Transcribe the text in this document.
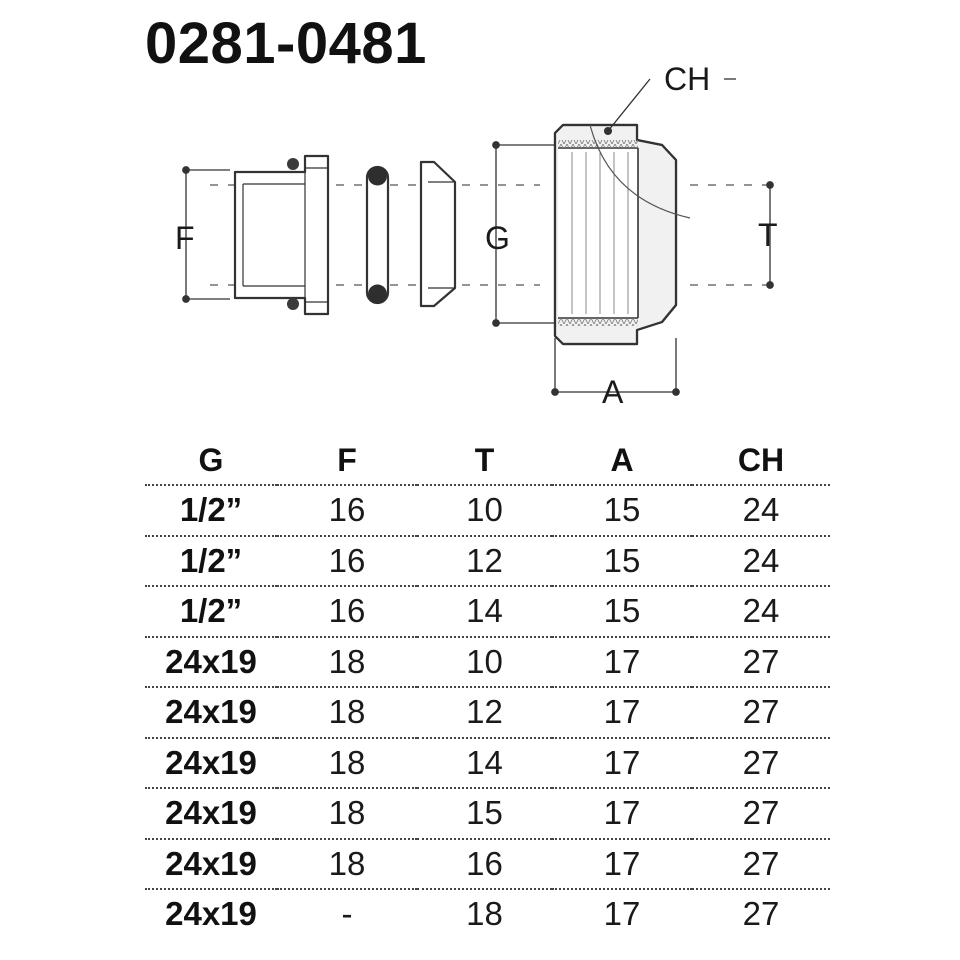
0281-0481
F	G
CH
T
A
G	F	T	A	CH
1/2”	16	10	15	24
1/2”	16	12	15	24
1/2”	16	14	15	24
24x19	18	10	17	27
24x19	18	12	17	27
24x19	18	14	17	27
24x19	18	15	17	27
24x19	18	16	17	27
24x19	-	18	17	27
